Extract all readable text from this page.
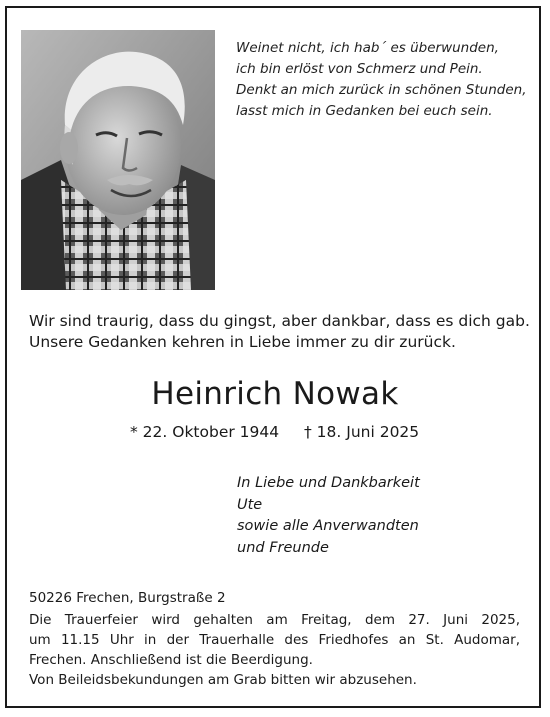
Weinet nicht, ich hab´ es überwunden,
ich bin erlöst von Schmerz und Pein.
Denkt an mich zurück in schönen Stunden,
lasst mich in Gedanken bei euch sein.
Wir sind traurig, dass du gingst, aber dankbar, dass es dich gab.
Unsere Gedanken kehren in Liebe immer zu dir zurück.
Heinrich Nowak
* 22. Oktober 1944 † 18. Juni 2025
In Liebe und Dankbarkeit
Ute
sowie alle Anverwandten
und Freunde
50226 Frechen, Burgstraße 2
Die Trauerfeier wird gehalten am Freitag, dem 27. Juni 2025,
um 11.15 Uhr in der Trauerhalle des Friedhofes an St. Audomar,
Frechen. Anschließend ist die Beerdigung.
Von Beileidsbekundungen am Grab bitten wir abzusehen.
